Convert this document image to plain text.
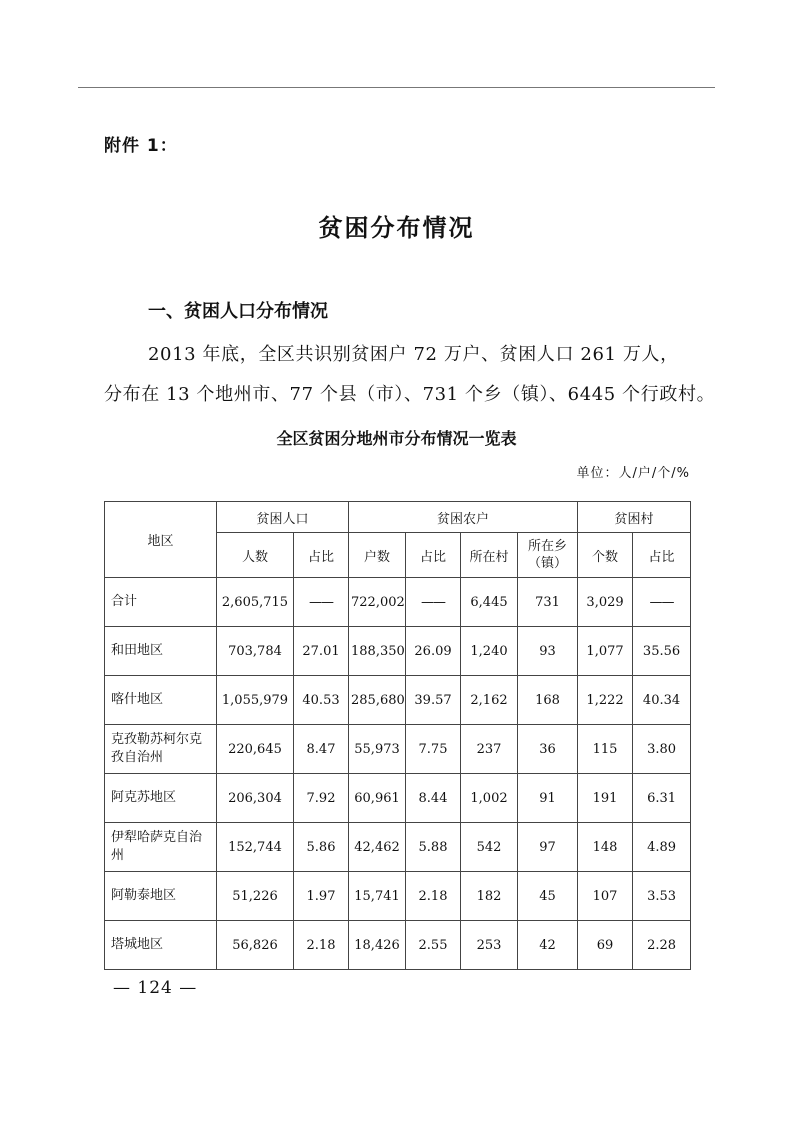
附件 1：
贫困分布情况
一、贫困人口分布情况
2013 年底，全区共识别贫困户 72 万户、贫困人口 261 万人，
分布在 13 个地州市、77 个县（市）、731 个乡（镇）、6445 个行政村。
全区贫困分地州市分布情况一览表
单位：人/户/个/%
地区	贫困人口		贫困农户				贫困村	
	人数	占比	户数	占比	所在村	所在乡（镇）	个数	占比
合计	2,605,715	——	722,002	——	6,445	731	3,029	——
和田地区	703,784	27.01	188,350	26.09	1,240	93	1,077	35.56
喀什地区	1,055,979	40.53	285,680	39.57	2,162	168	1,222	40.34
克孜勒苏柯尔克孜自治州	220,645	8.47	55,973	7.75	237	36	115	3.80
阿克苏地区	206,304	7.92	60,961	8.44	1,002	91	191	6.31
伊犁哈萨克自治州	152,744	5.86	42,462	5.88	542	97	148	4.89
阿勒泰地区	51,226	1.97	15,741	2.18	182	45	107	3.53
塔城地区	56,826	2.18	18,426	2.55	253	42	69	2.28
— 124 —
